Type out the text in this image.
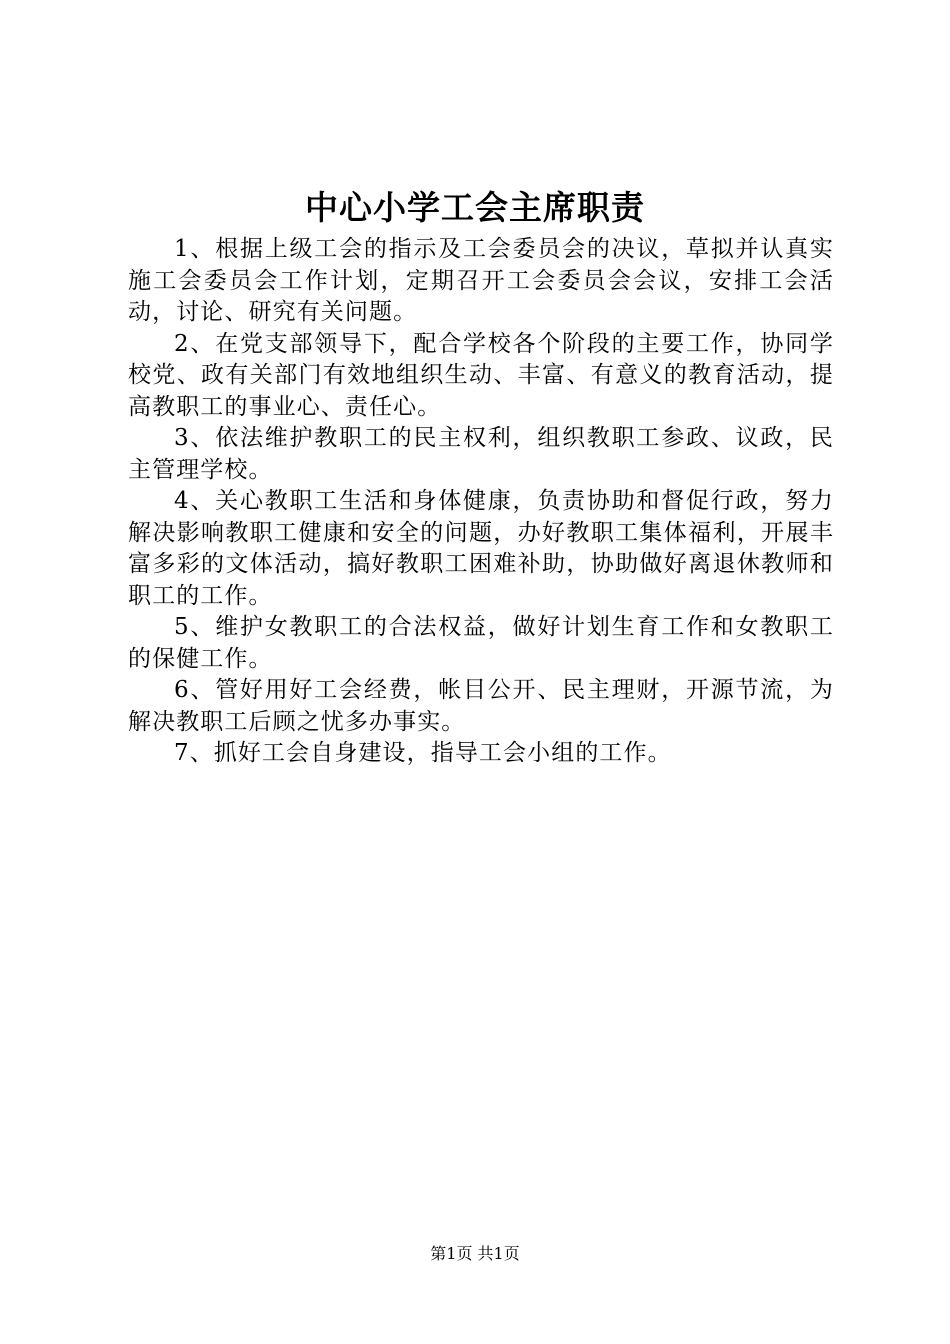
中心小学工会主席职责

1、根据上级工会的指示及工会委员会的决议，草拟并认真实施工会委员会工作计划，定期召开工会委员会会议，安排工会活动，讨论、研究有关问题。

2、在党支部领导下，配合学校各个阶段的主要工作，协同学校党、政有关部门有效地组织生动、丰富、有意义的教育活动，提高教职工的事业心、责任心。

3、依法维护教职工的民主权利，组织教职工参政、议政，民主管理学校。

4、关心教职工生活和身体健康，负责协助和督促行政，努力解决影响教职工健康和安全的问题，办好教职工集体福利，开展丰富多彩的文体活动，搞好教职工困难补助，协助做好离退休教师和职工的工作。

5、维护女教职工的合法权益，做好计划生育工作和女教职工的保健工作。

6、管好用好工会经费，帐目公开、民主理财，开源节流，为解决教职工后顾之忧多办事实。

7、抓好工会自身建设，指导工会小组的工作。

第1页 共1页
